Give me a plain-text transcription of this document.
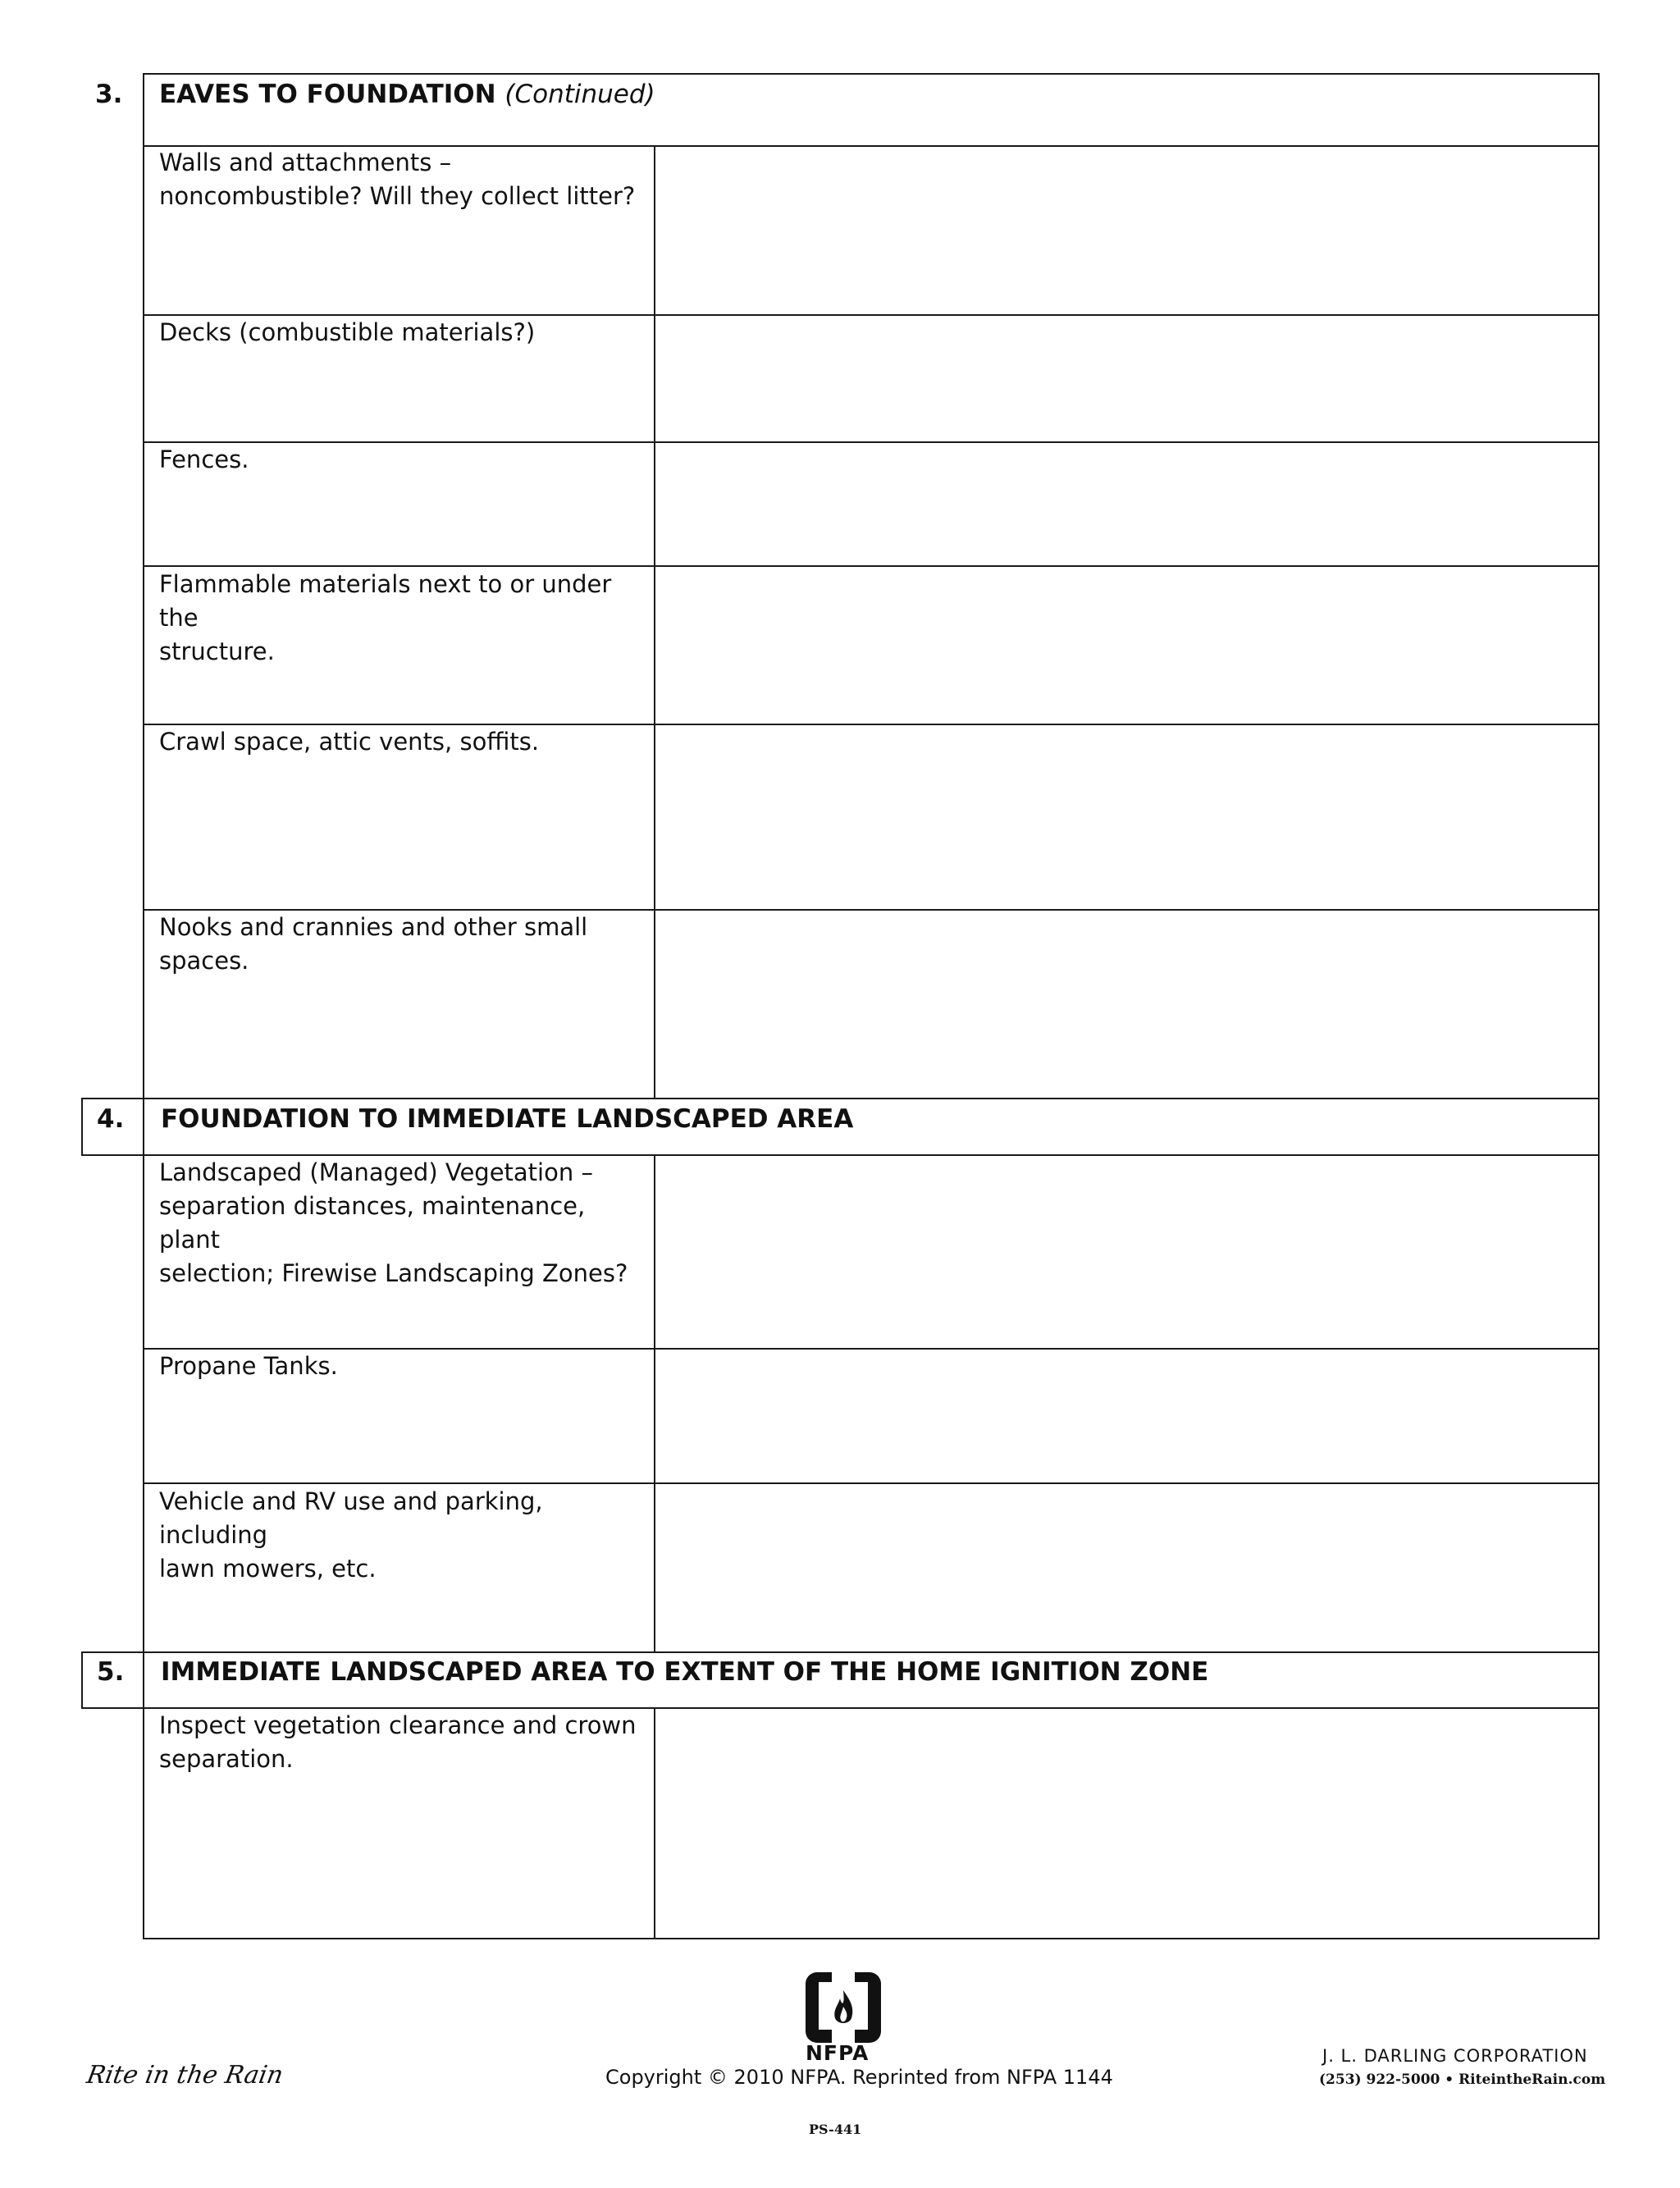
3. EAVES TO FOUNDATION (Continued)
Walls and attachments –
noncombustible? Will they collect litter?
Decks (combustible materials?)
Fences.
Flammable materials next to or under the
structure.
Crawl space, attic vents, soffits.
Nooks and crannies and other small
spaces.
4. FOUNDATION TO IMMEDIATE LANDSCAPED AREA
Landscaped (Managed) Vegetation –
separation distances, maintenance, plant
selection; Firewise Landscaping Zones?
Propane Tanks.
Vehicle and RV use and parking, including
lawn mowers, etc.
5. IMMEDIATE LANDSCAPED AREA TO EXTENT OF THE HOME IGNITION ZONE
Inspect vegetation clearance and crown
separation.
Rite in the Rain
NFPA
Copyright © 2010 NFPA. Reprinted from NFPA 1144
J. L. DARLING CORPORATION
(253) 922-5000 • RiteintheRain.com
PS-441
